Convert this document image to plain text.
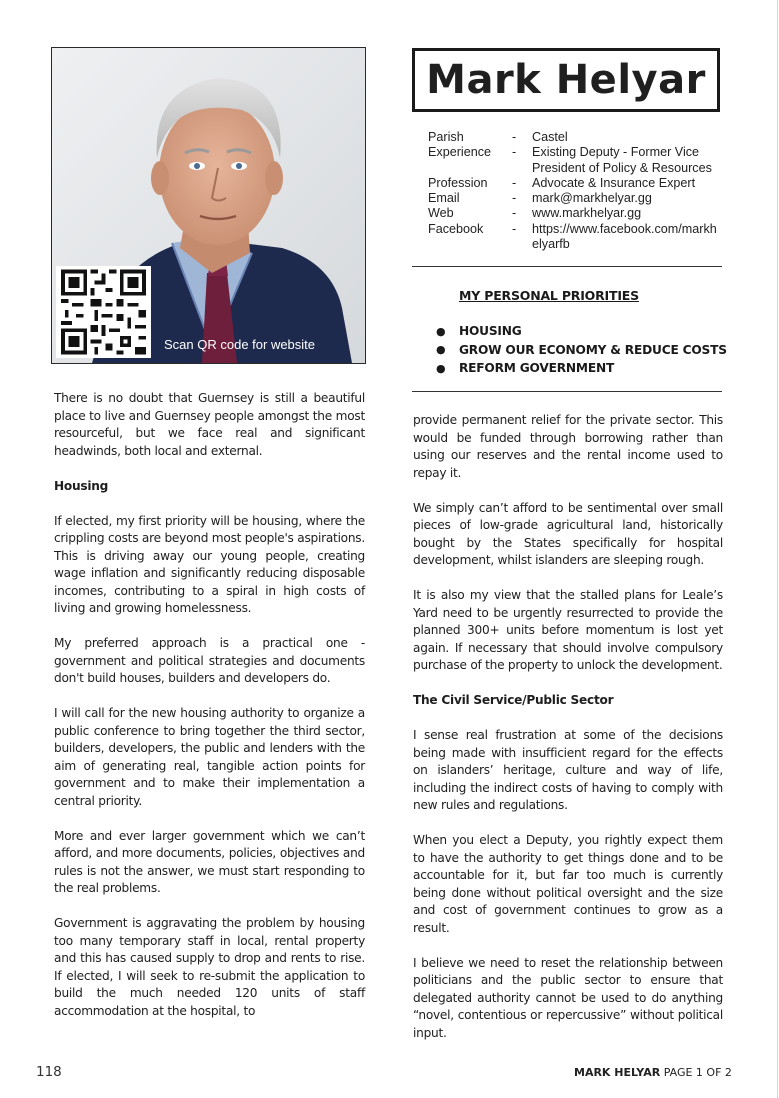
Scan QR code for website
Mark Helyar
Parish	-	Castel
Experience	-	Existing Deputy - Former Vice President of Policy & Resources
Profession	-	Advocate & Insurance Expert
Email	-	mark@markhelyar.gg
Web	-	www.markhelyar.gg
Facebook	-	https://www.facebook.com/markhelyarfb
MY PERSONAL PRIORITIES
●	HOUSING
●	GROW OUR ECONOMY & REDUCE COSTS
●	REFORM GOVERNMENT

There is no doubt that Guernsey is still a beautiful place to live and Guernsey people amongst the most resourceful, but we face real and significant headwinds, both local and external.

Housing

If elected, my first priority will be housing, where the crippling costs are beyond most people's aspirations. This is driving away our young people, creating wage inflation and significantly reducing disposable incomes, contributing to a spiral in high costs of living and growing homelessness.

My preferred approach is a practical one - government and political strategies and documents don't build houses, builders and developers do.

I will call for the new housing authority to organize a public conference to bring together the third sector, builders, developers, the public and lenders with the aim of generating real, tangible action points for government and to make their implementation a central priority.

More and ever larger government which we can’t afford, and more documents, policies, objectives and rules is not the answer, we must start responding to the real problems.

Government is aggravating the problem by housing too many temporary staff in local, rental property and this has caused supply to drop and rents to rise. If elected, I will seek to re-submit the application to build the much needed 120 units of staff accommodation at the hospital, to

provide permanent relief for the private sector. This would be funded through borrowing rather than using our reserves and the rental income used to repay it.

We simply can’t afford to be sentimental over small pieces of low-grade agricultural land, historically bought by the States specifically for hospital development, whilst islanders are sleeping rough.

It is also my view that the stalled plans for Leale’s Yard need to be urgently resurrected to provide the planned 300+ units before momentum is lost yet again. If necessary that should involve compulsory purchase of the property to unlock the development.

The Civil Service/Public Sector

I sense real frustration at some of the decisions being made with insufficient regard for the effects on islanders’ heritage, culture and way of life, including the indirect costs of having to comply with new rules and regulations.

When you elect a Deputy, you rightly expect them to have the authority to get things done and to be accountable for it, but far too much is currently being done without political oversight and the size and cost of government continues to grow as a result.

I believe we need to reset the relationship between politicians and the public sector to ensure that delegated authority cannot be used to do anything “novel, contentious or repercussive” without political input.

118	MARK HELYAR PAGE 1 OF 2
